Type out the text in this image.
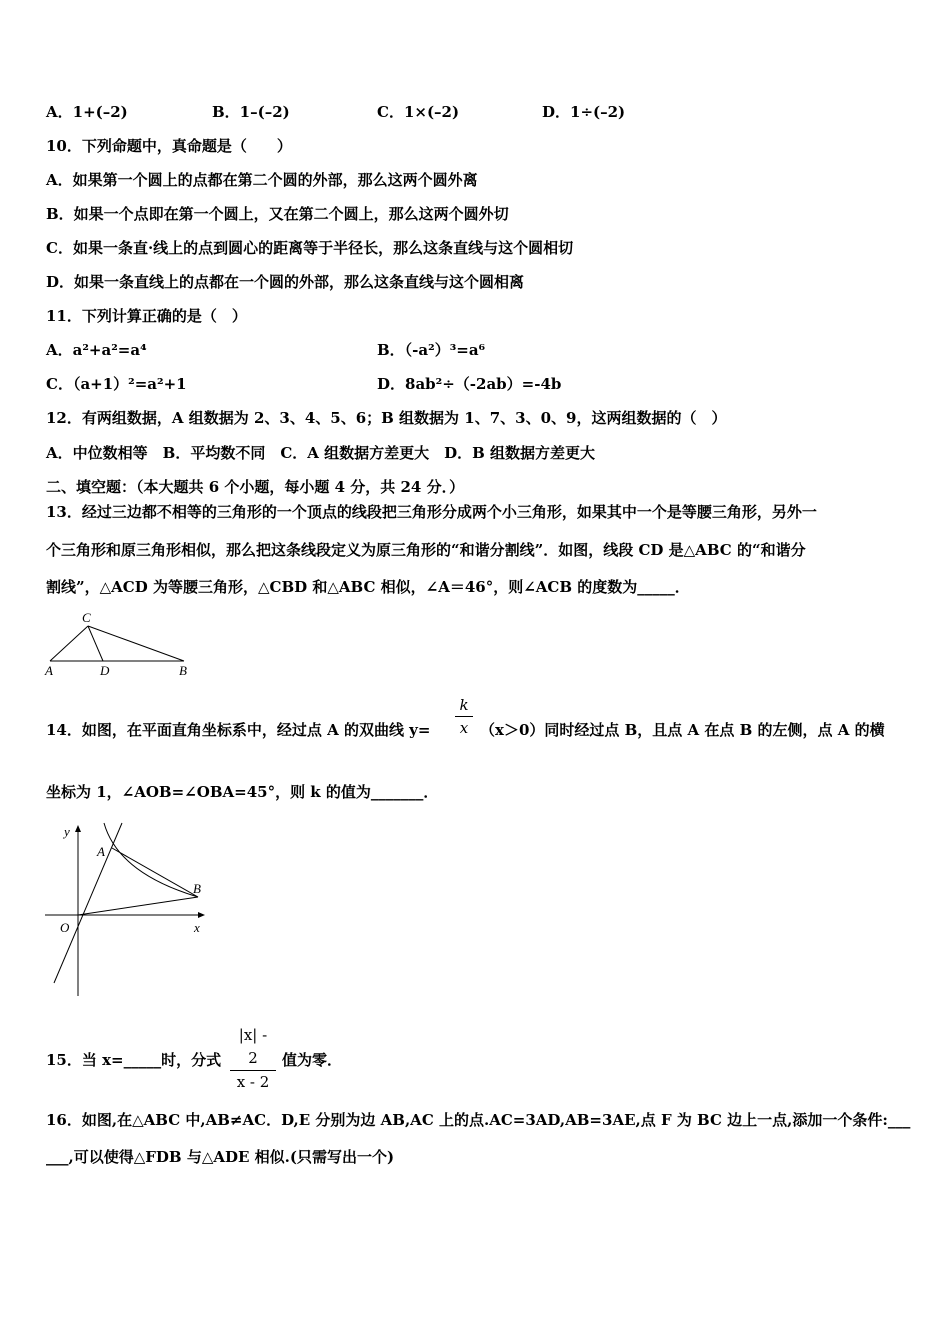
A．1+(–2)	B．1–(–2)	C．1×(–2)	D．1÷(–2)
10．下列命题中，真命题是（　　）
A．如果第一个圆上的点都在第二个圆的外部，那么这两个圆外离
B．如果一个点即在第一个圆上，又在第二个圆上，那么这两个圆外切
C．如果一条直·线上的点到圆心的距离等于半径长，那么这条直线与这个圆相切
D．如果一条直线上的点都在一个圆的外部，那么这条直线与这个圆相离
11．下列计算正确的是（　）
A．a²+a²=a⁴	B．（-a²）³=a⁶
C．（a+1）²=a²+1	D．8ab²÷（-2ab）=-4b
12．有两组数据，A 组数据为 2、3、4、5、6；B 组数据为 1、7、3、0、9，这两组数据的（　）
A．中位数相等　B．平均数不同　C．A 组数据方差更大　D．B 组数据方差更大
二、填空题：（本大题共 6 个小题，每小题 4 分，共 24 分．）
13．经过三边都不相等的三角形的一个顶点的线段把三角形分成两个小三角形，如果其中一个是等腰三角形，另外一
个三角形和原三角形相似，那么把这条线段定义为原三角形的“和谐分割线”．如图，线段 CD 是△ABC 的“和谐分
割线”，△ACD 为等腰三角形，△CBD 和△ABC 相似，∠A＝46°，则∠ACB 的度数为_____．
C
A	D	B
14．如图，在平面直角坐标系中，经过点 A 的双曲线 $y= \frac{k}{x} (x>0)$同时经过点 B，且点 A 在点 B 的左侧，点 A 的横
坐标为 1，∠AOB=∠OBA=45°，则 k 的值为_______．
y
A
B
O	x
15．当 x=_____时，分式 $\frac{|x| - 2}{x - 2}$ 值为零．
16．如图,在△ABC 中,AB≠AC．D,E 分别为边 AB,AC 上的点.AC=3AD,AB=3AE,点 F 为 BC 边上一点,添加一个条件:___
___,可以使得△FDB 与△ADE 相似.(只需写出一个)
